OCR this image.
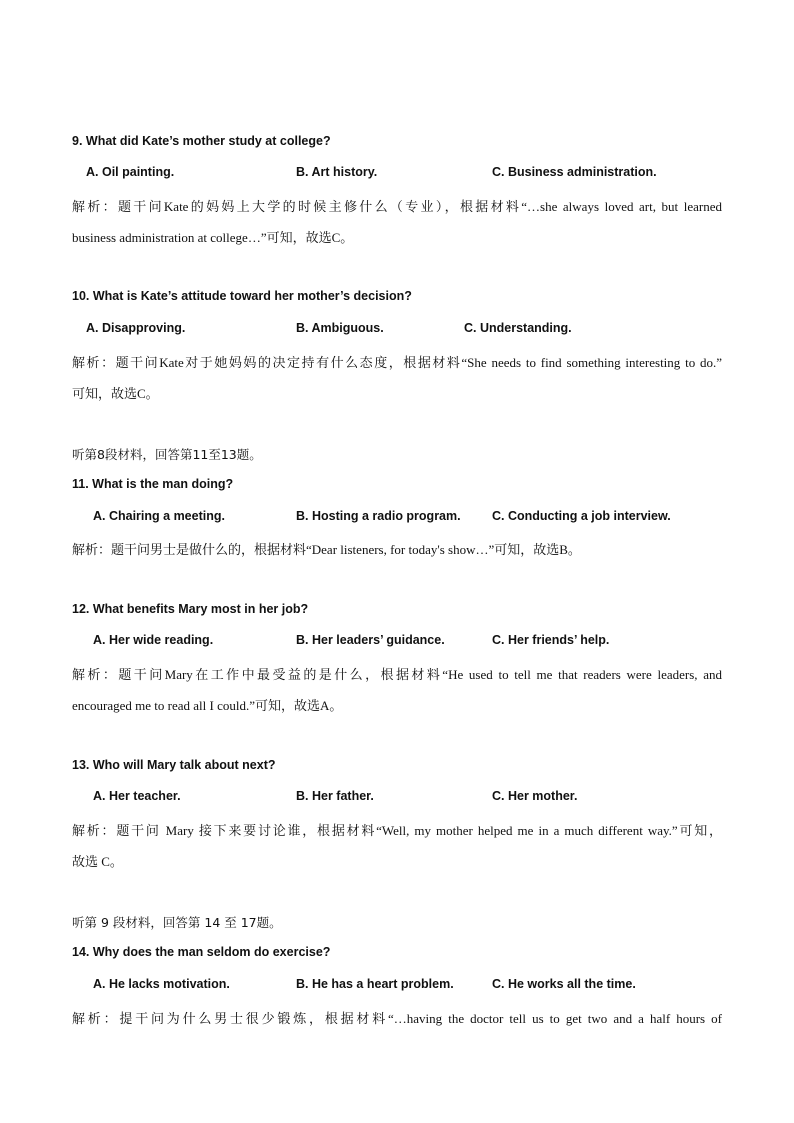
9. What did Kate’s mother study at college?
A. Oil painting.	B. Art history.	C. Business administration.
解析：题干问Kate的妈妈上大学的时候主修什么（专业），根据材料“…she always loved art, but learned
business administration at college…”可知，故选C。
10. What is Kate’s attitude toward her mother’s decision?
A. Disapproving.	B. Ambiguous.	C. Understanding.
解析：题干问Kate对于她妈妈的决定持有什么态度，根据材料“She needs to find something interesting to do.”
可知，故选C。
听第8段材料，回答第11至13题。
11. What is the man doing?
A. Chairing a meeting.	B. Hosting a radio program.	C. Conducting a job interview.
解析：题干问男士是做什么的，根据材料“Dear listeners, for today's show…”可知，故选B。
12. What benefits Mary most in her job?
A. Her wide reading.	B. Her leaders’ guidance.	C. Her friends’ help.
解析：题干问Mary在工作中最受益的是什么，根据材料“He used to tell me that readers were leaders, and
encouraged me to read all I could.”可知，故选A。
13. Who will Mary talk about next?
A. Her teacher.	B. Her father.	C. Her mother.
解析：题干问 Mary 接下来要讨论谁，根据材料“Well, my mother helped me in a much different way.”可知，
故选 C。
听第 9 段材料，回答第 14 至 17题。
14. Why does the man seldom do exercise?
A. He lacks motivation.	B. He has a heart problem.	C. He works all the time.
解析：提干问为什么男士很少锻炼，根据材料“…having the doctor tell us to get two and a half hours of
